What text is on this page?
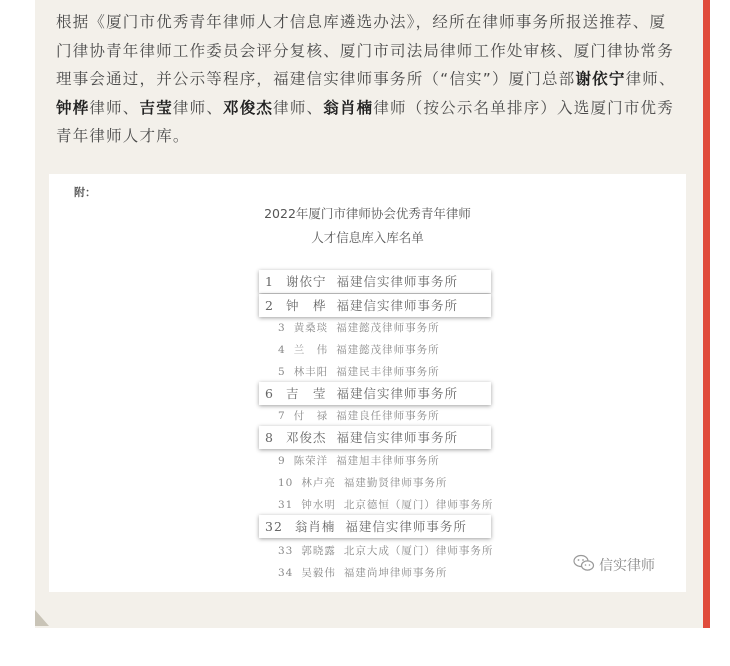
根据《厦门市优秀青年律师人才信息库遴选办法》，经所在律师事务所报送推荐、厦门律协青年律师工作委员会评分复核、厦门市司法局律师工作处审核、厦门律协常务理事会通过，并公示等程序，福建信实律师事务所（“信实”）厦门总部谢依宁律师、钟桦律师、吉莹律师、邓俊杰律师、翁肖楠律师（按公示名单排序）入选厦门市优秀青年律师人才库。

附：
2022年厦门市律师协会优秀青年律师
人才信息库入库名单
1 谢依宁 福建信实律师事务所
2 钟　桦 福建信实律师事务所
3 黄桑琰 福建懿茂律师事务所
4 兰　伟 福建懿茂律师事务所
5 林丰阳 福建民丰律师事务所
6 吉　莹 福建信实律师事务所
7 付　禄 福建良任律师事务所
8 邓俊杰 福建信实律师事务所
9 陈荣洋 福建旭丰律师事务所
10 林卢亮 福建勤贤律师事务所
31 钟水明 北京德恒（厦门）律师事务所
32 翁肖楠 福建信实律师事务所
33 郭晓露 北京大成（厦门）律师事务所
34 吴毅伟 福建尚坤律师事务所	信实律师
